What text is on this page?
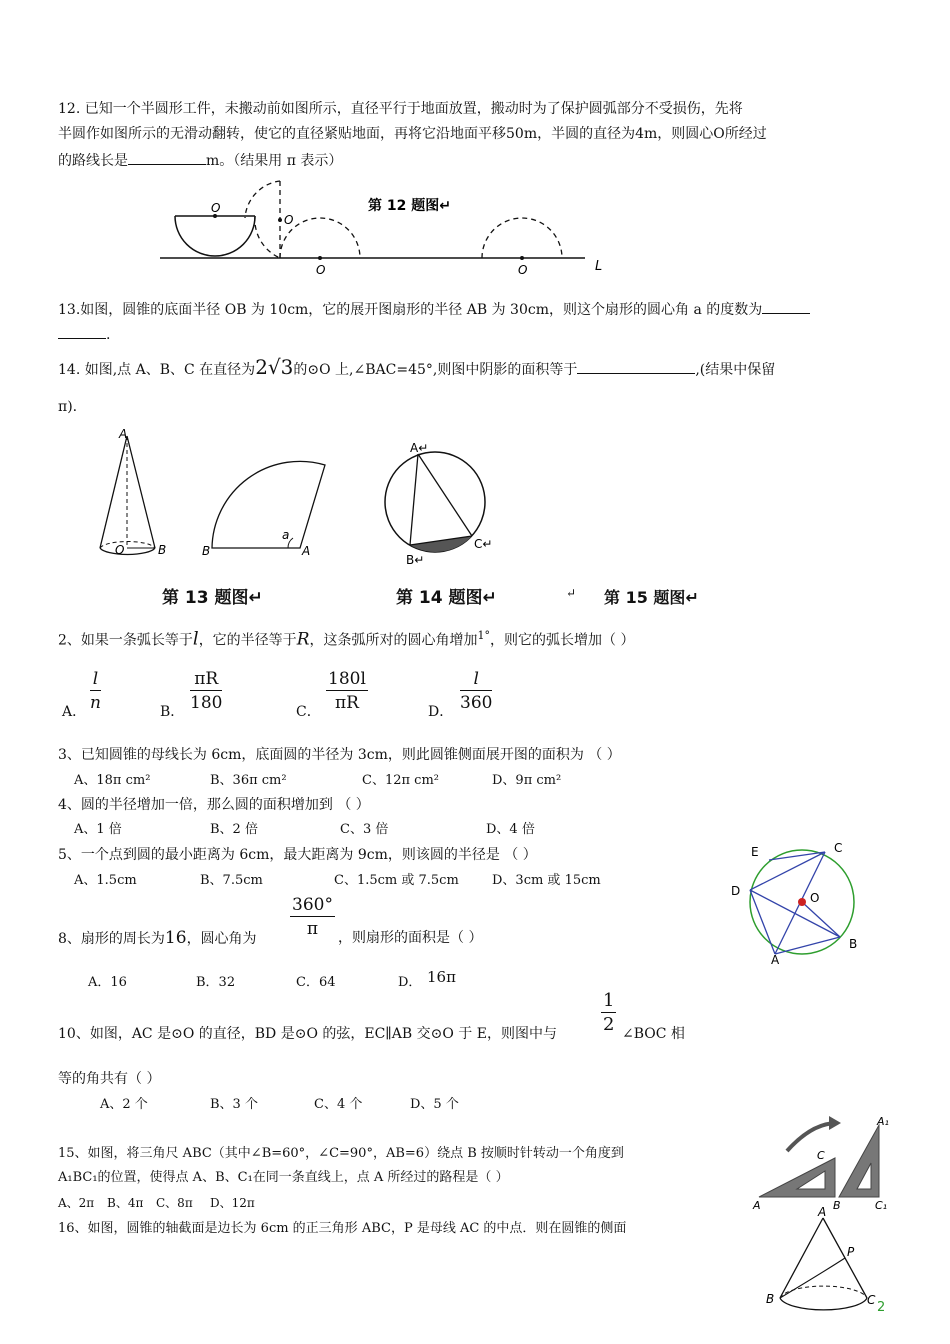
12. 已知一个半圆形工件，未搬动前如图所示，直径平行于地面放置，搬动时为了保护圆弧部分不受损伤，先将
半圆作如图所示的无滑动翻转，使它的直径紧贴地面，再将它沿地面平移50m，半圆的直径为4m，则圆心O所经过
的路线长是	m。（结果用 π 表示）
O
O
O	O	L
第 12 题图↵
13.如图，圆锥的底面半径 OB 为 10cm，它的展开图扇形的半径 AB 为 30cm，则这个扇形的圆心角 a 的度数为
.
14. 如图,点 A、B、C 在直径为2√3的⊙O 上,∠BAC=45°,则图中阴影的面积等于	,(结果中保留
π).
A
O	B	B	A
a
A↵
B↵
C↵
第 13 题图↵	第 14 题图↵	↵ 第 15 题图↵
2、如果一条弧长等于l，它的半径等于R，这条弧所对的圆心角增加$^{1^\circ}$，则它的弧长增加（ ）
A． $\frac{l}{n}$	B． $\frac{\pi R}{180}$	C． $\frac{180l}{\pi R}$	D． $\frac{l}{360}$
3、已知圆锥的母线长为 6cm，底面圆的半径为 3cm，则此圆锥侧面展开图的面积为 （ ）
A、18π cm²	B、36π cm²	C、12π cm²	D、9π cm²
4、圆的半径增加一倍，那么圆的面积增加到 （ ）
A、1 倍	B、2 倍	C、3 倍	D、4 倍
5、一个点到圆的最小距离为 6cm，最大距离为 9cm，则该圆的半径是 （ ）
A、1.5cm	B、7.5cm	C、1.5cm 或 7.5cm	D、3cm 或 15cm
E	C
D	O
A
B
8、扇形的周长为16，圆心角为 $\frac{360^\circ}{\pi}$ ，则扇形的面积是（ ）
A．16	B．32	C．64	D． 16π
10、如图，AC 是⊙O 的直径，BD 是⊙O 的弦，EC∥AB 交⊙O 于 E，则图中与 $\frac{1}{2}$ ∠BOC 相
等的角共有（ ）
A、2 个	B、3 个	C、4 个	D、5 个
15、如图，将三角尺 ABC（其中∠B=60°，∠C=90°，AB=6）绕点 B 按顺时针转动一个角度到
A₁BC₁的位置，使得点 A、B、C₁在同一条直线上，点 A 所经过的路程是（ ）
A、2π B、4π C、8π D、12π	A	B
C
C₁
A₁
16、如图，圆锥的轴截面是边长为 6cm 的正三角形 ABC，P 是母线 AC 的中点．则在圆锥的侧面
A
P
B	C 2
